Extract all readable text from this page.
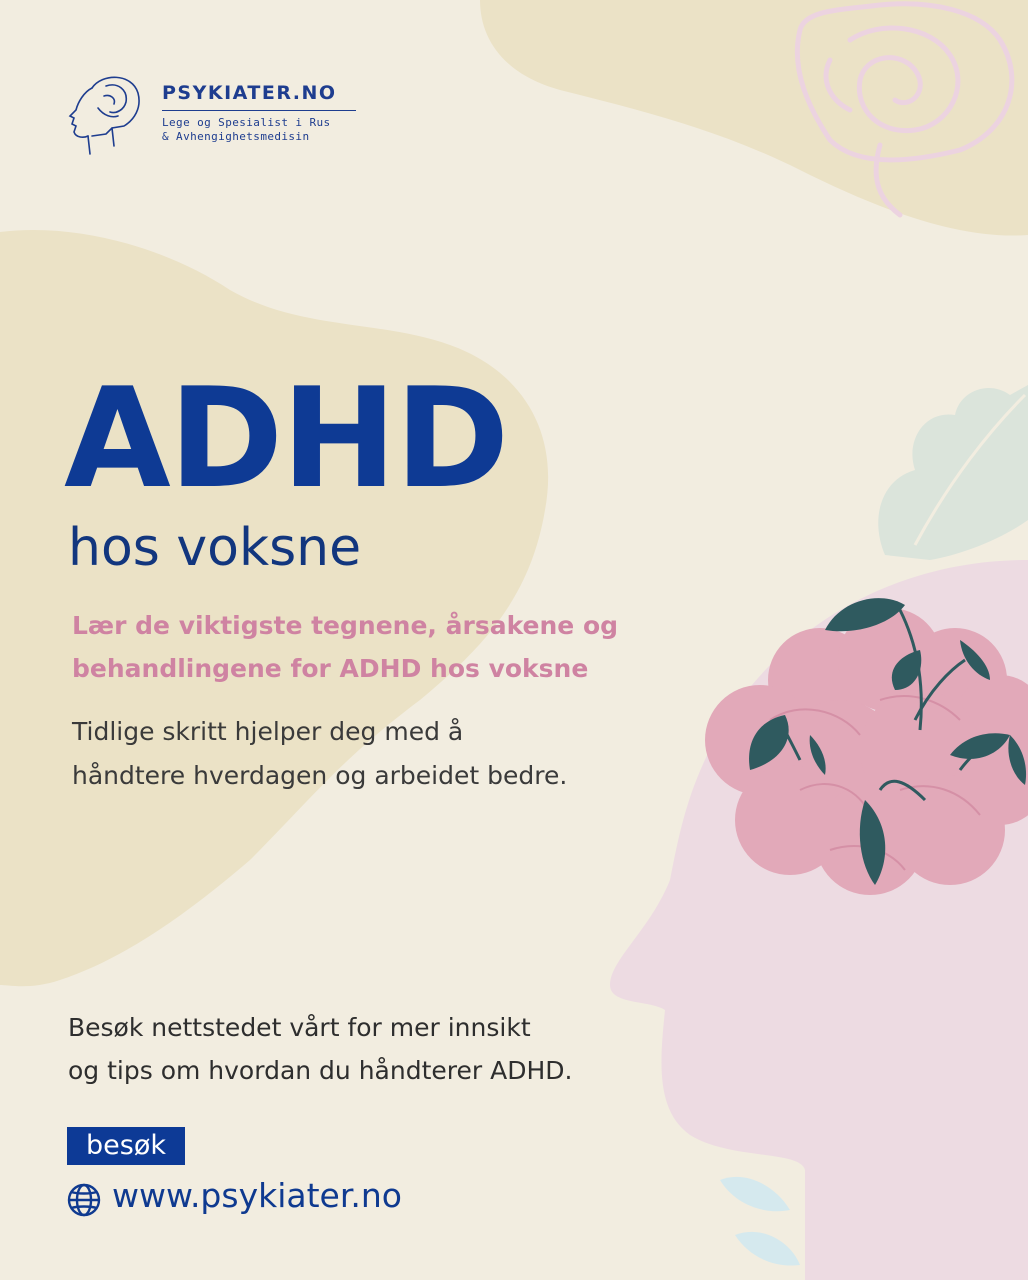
PSYKIATER.NO
Lege og Spesialist i Rus
& Avhengighetsmedisin
ADHD
hos voksne

Lær de viktigste tegnene, årsakene og
behandlingene for ADHD hos voksne

Tidlige skritt hjelper deg med å
håndtere hverdagen og arbeidet bedre.

Besøk nettstedet vårt for mer innsikt
og tips om hvordan du håndterer ADHD.

besøk
www.psykiater.no
